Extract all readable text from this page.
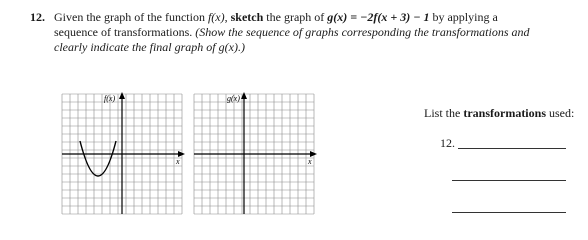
12. Given the graph of the function f(x), sketch the graph of g(x) = −2f(x + 3) − 1 by applying a
sequence of transformations. (Show the sequence of graphs corresponding the transformations and
clearly indicate the final graph of g(x).)
f(x)
x
g(x)
x
List the transformations used:
12.
